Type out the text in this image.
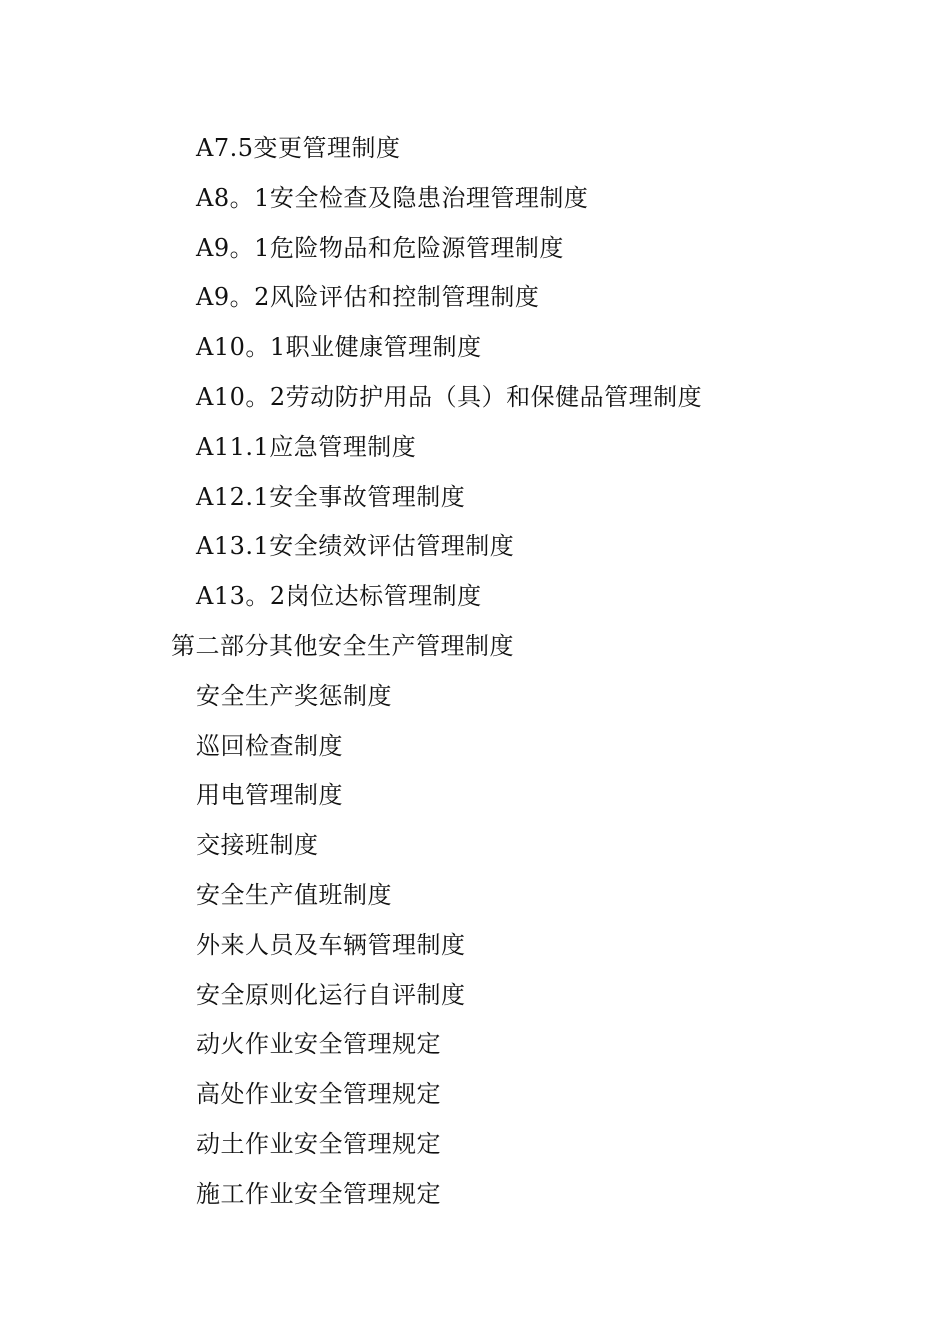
A7.5变更管理制度
A8。1安全检查及隐患治理管理制度
A9。1危险物品和危险源管理制度
A9。2风险评估和控制管理制度
A10。1职业健康管理制度
A10。2劳动防护用品（具）和保健品管理制度
A11.1应急管理制度
A12.1安全事故管理制度
A13.1安全绩效评估管理制度
A13。2岗位达标管理制度
第二部分其他安全生产管理制度
安全生产奖惩制度
巡回检查制度
用电管理制度
交接班制度
安全生产值班制度
外来人员及车辆管理制度
安全原则化运行自评制度
动火作业安全管理规定
高处作业安全管理规定
动土作业安全管理规定
施工作业安全管理规定
